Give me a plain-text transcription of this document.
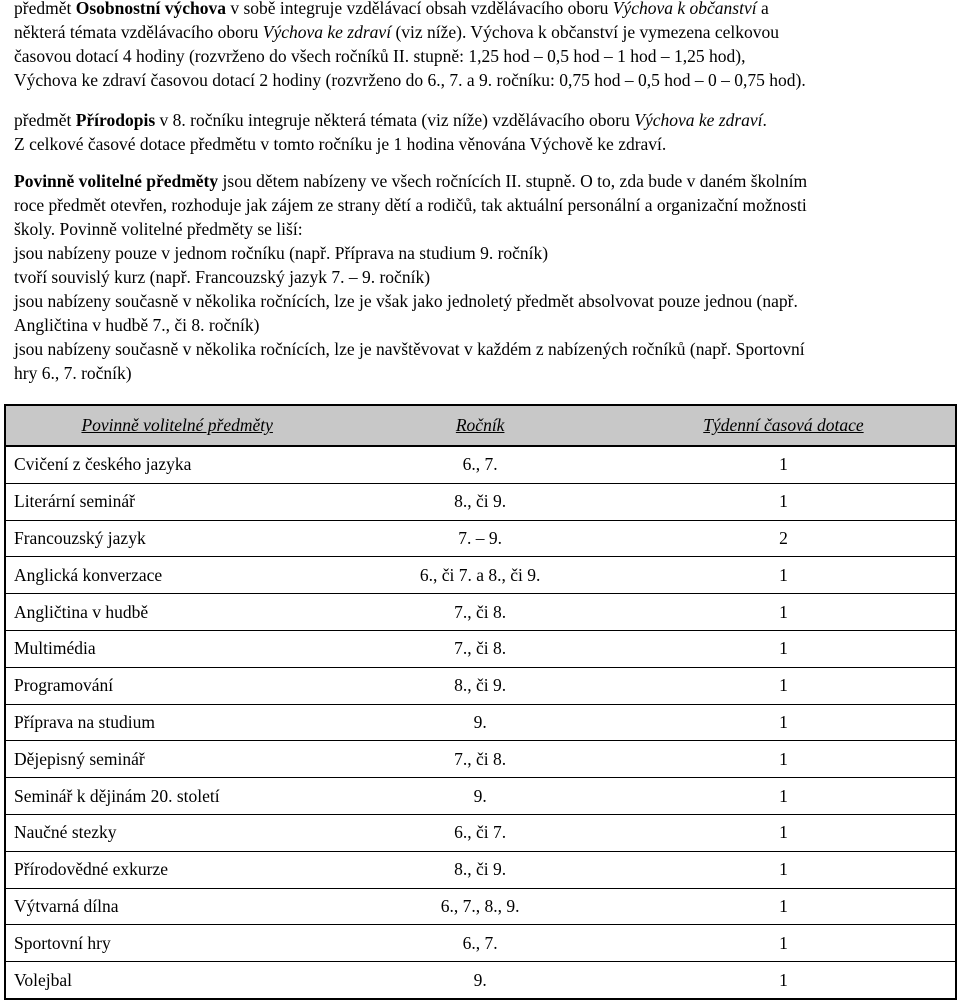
předmět Osobnostní výchova v sobě integruje vzdělávací obsah vzdělávacího oboru Výchova k občanství a
některá témata vzdělávacího oboru Výchova ke zdraví (viz níže). Výchova k občanství je vymezena celkovou
časovou dotací 4 hodiny (rozvrženo do všech ročníků II. stupně: 1,25 hod – 0,5 hod – 1 hod – 1,25 hod),
Výchova ke zdraví časovou dotací 2 hodiny (rozvrženo do 6., 7. a 9. ročníku: 0,75 hod – 0,5 hod – 0 – 0,75 hod).
předmět Přírodopis v 8. ročníku integruje některá témata (viz níže) vzdělávacího oboru Výchova ke zdraví.
Z celkové časové dotace předmětu v tomto ročníku je 1 hodina věnována Výchově ke zdraví.
Povinně volitelné předměty jsou dětem nabízeny ve všech ročnících II. stupně. O to, zda bude v daném školním
roce předmět otevřen, rozhoduje jak zájem ze strany dětí a rodičů, tak aktuální personální a organizační možnosti
školy. Povinně volitelné předměty se liší:
jsou nabízeny pouze v jednom ročníku (např. Příprava na studium 9. ročník)
tvoří souvislý kurz (např. Francouzský jazyk 7. – 9. ročník)
jsou nabízeny současně v několika ročnících, lze je však jako jednoletý předmět absolvovat pouze jednou (např.
Angličtina v hudbě 7., či 8. ročník)
jsou nabízeny současně v několika ročnících, lze je navštěvovat v každém z nabízených ročníků (např. Sportovní
hry 6., 7. ročník)
Povinně volitelné předměty	Ročník	Týdenní časová dotace
Cvičení z českého jazyka	6., 7.	1
Literární seminář	8., či 9.	1
Francouzský jazyk	7. – 9.	2
Anglická konverzace	6., či 7. a 8., či 9.	1
Angličtina v hudbě	7., či 8.	1
Multimédia	7., či 8.	1
Programování	8., či 9.	1
Příprava na studium	9.	1
Dějepisný seminář	7., či 8.	1
Seminář k dějinám 20. století	9.	1
Naučné stezky	6., či 7.	1
Přírodovědné exkurze	8., či 9.	1
Výtvarná dílna	6., 7., 8., 9.	1
Sportovní hry	6., 7.	1
Volejbal	9.	1
